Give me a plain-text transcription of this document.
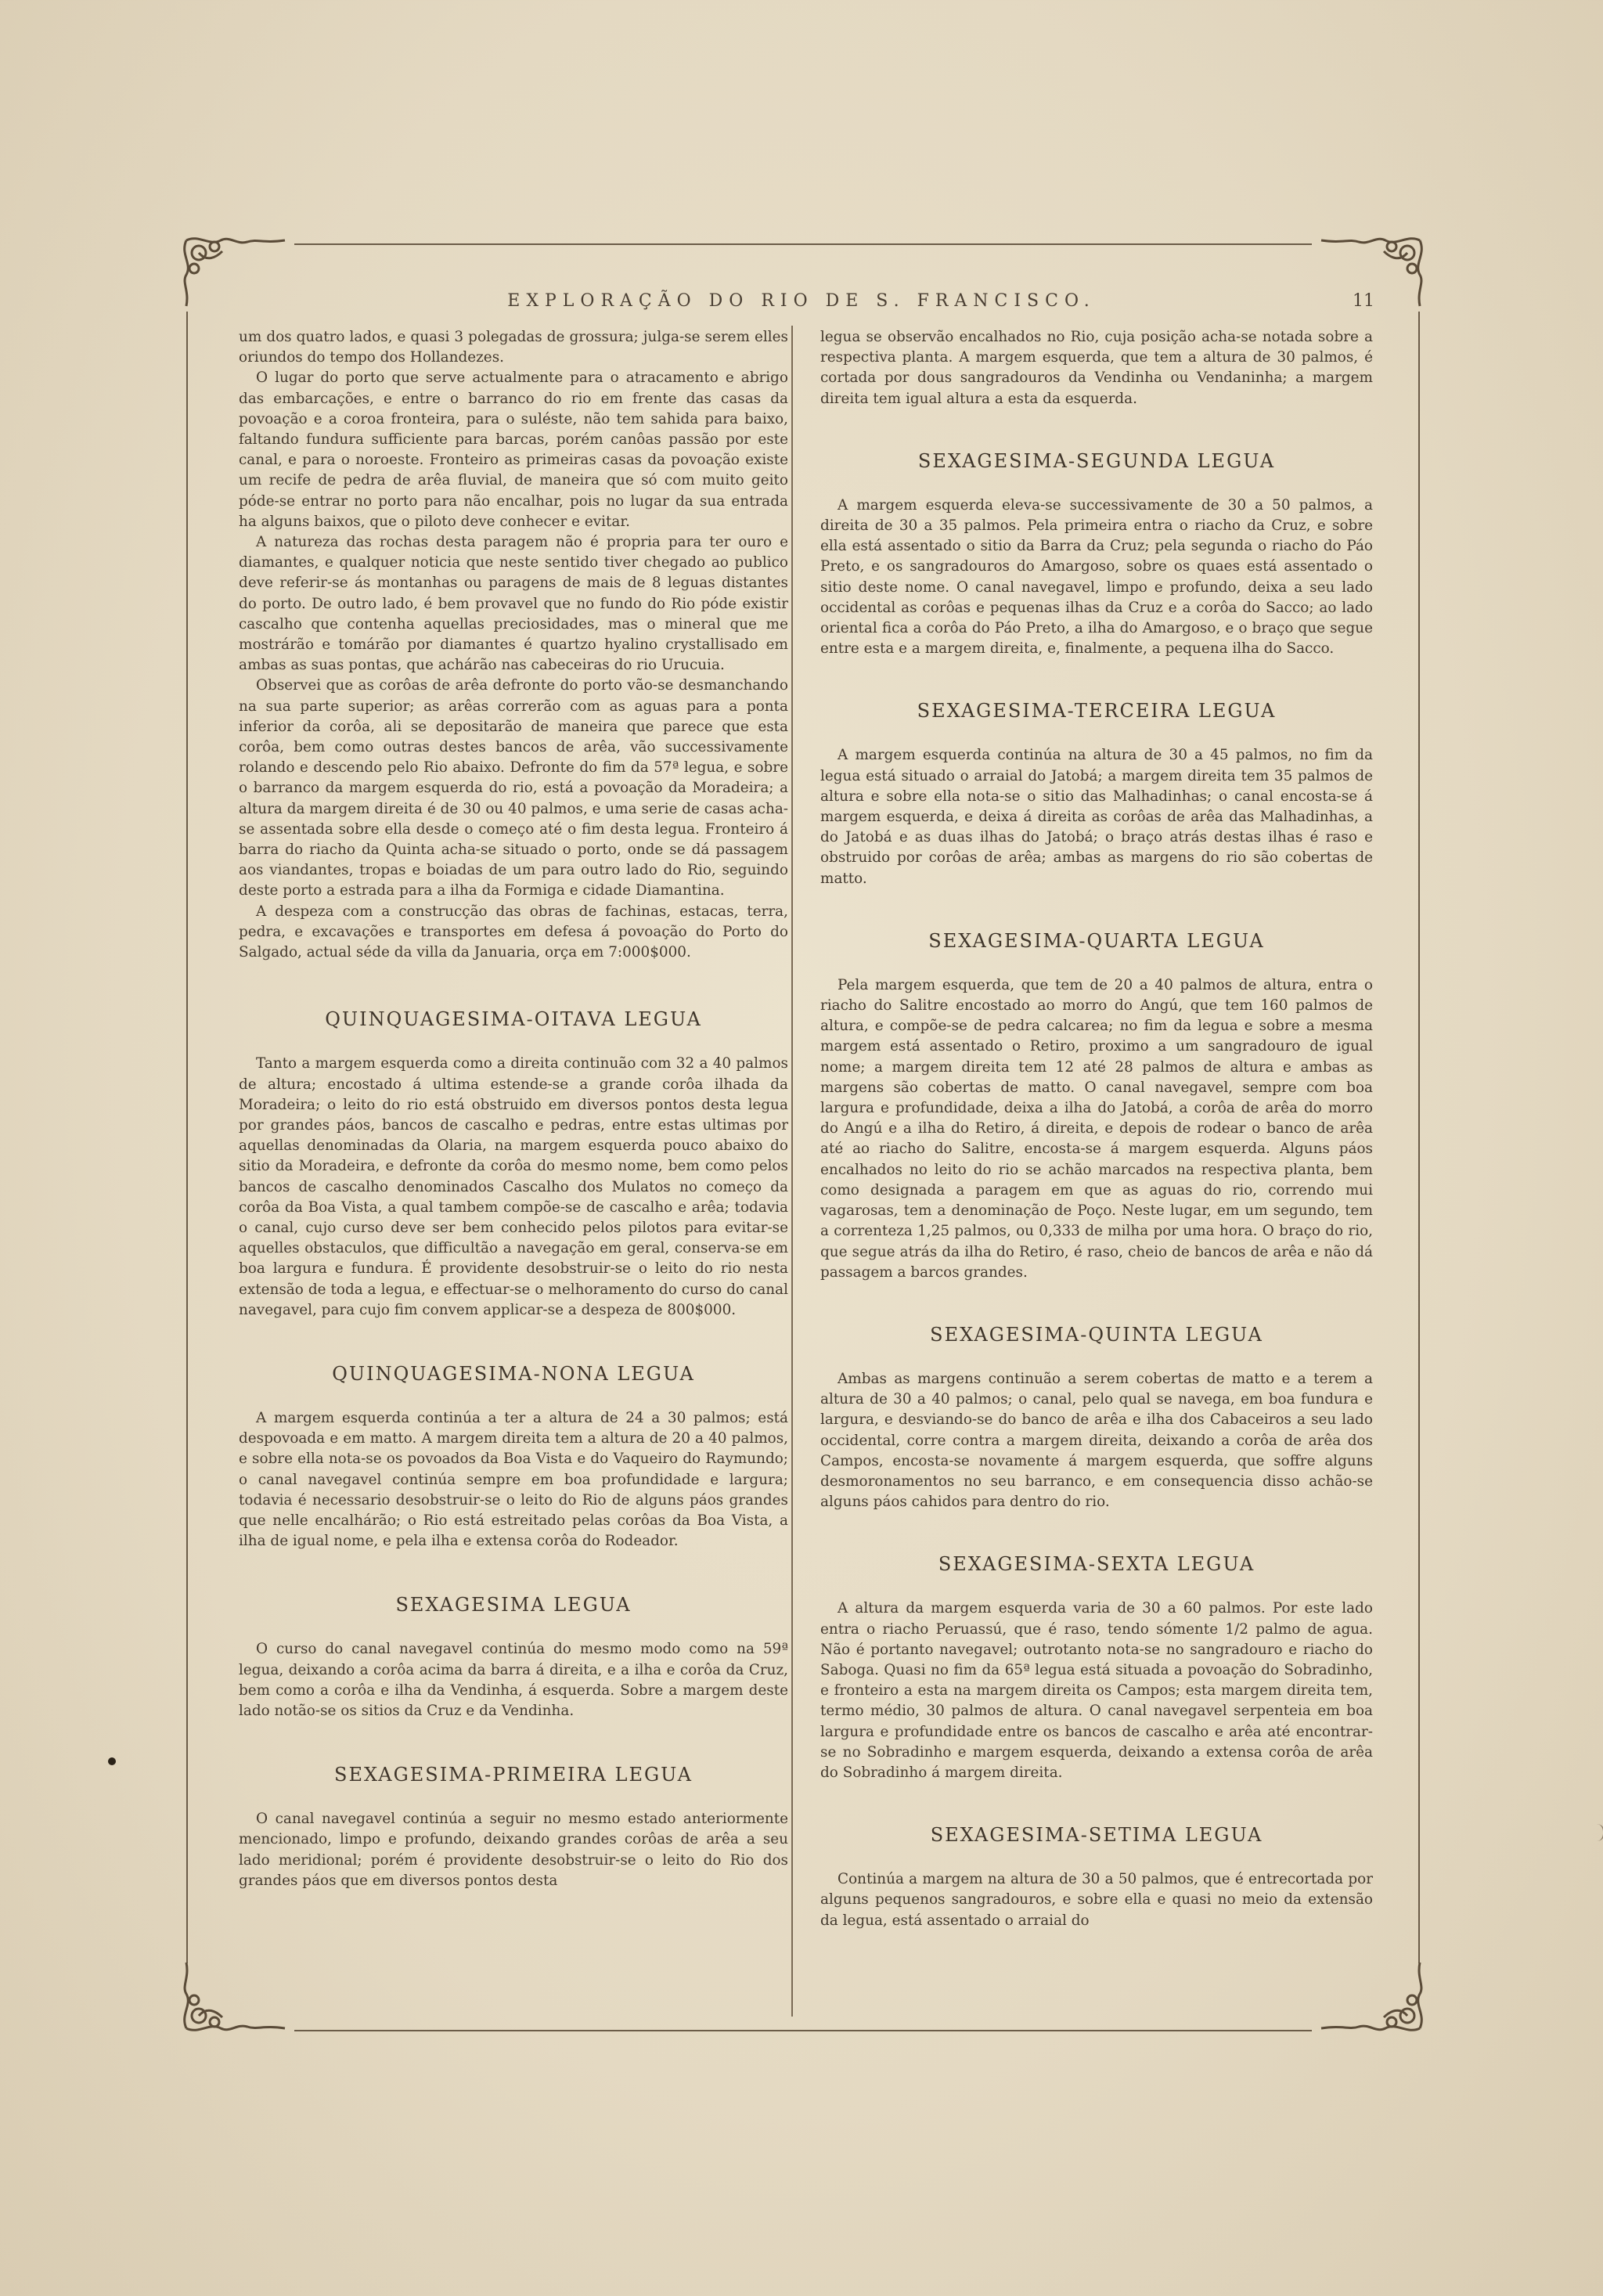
EXPLORAÇÃO DO RIO DE S. FRANCISCO.	11

um dos quatro lados, e quasi 3 polegadas de grossura; julga-se serem elles oriundos do tempo dos Hollandezes.

O lugar do porto que serve actualmente para o atracamento e abrigo das embarcações, e entre o barranco do rio em frente das casas da povoação e a coroa fronteira, para o suléste, não tem sahida para baixo, faltando fundura sufficiente para barcas, porém canôas passão por este canal, e para o noroeste. Fronteiro as primeiras casas da povoação existe um recife de pedra de arêa fluvial, de maneira que só com muito geito póde-se entrar no porto para não encalhar, pois no lugar da sua entrada ha alguns baixos, que o piloto deve conhecer e evitar.

A natureza das rochas desta paragem não é propria para ter ouro e diamantes, e qualquer noticia que neste sentido tiver chegado ao publico deve referir-se ás montanhas ou paragens de mais de 8 leguas distantes do porto. De outro lado, é bem provavel que no fundo do Rio póde existir cascalho que contenha aquellas preciosidades, mas o mineral que me mostrárão e tomárão por diamantes é quartzo hyalino crystallisado em ambas as suas pontas, que achárão nas cabeceiras do rio Urucuia.

Observei que as corôas de arêa defronte do porto vão-se desmanchando na sua parte superior; as arêas correrão com as aguas para a ponta inferior da corôa, ali se depositarão de maneira que parece que esta corôa, bem como outras destes bancos de arêa, vão successivamente rolando e descendo pelo Rio abaixo. Defronte do fim da 57ª legua, e sobre o barranco da margem esquerda do rio, está a povoação da Moradeira; a altura da margem direita é de 30 ou 40 palmos, e uma serie de casas acha-se assentada sobre ella desde o começo até o fim desta legua. Fronteiro á barra do riacho da Quinta acha-se situado o porto, onde se dá passagem aos viandantes, tropas e boiadas de um para outro lado do Rio, seguindo deste porto a estrada para a ilha da Formiga e cidade Diamantina.

A despeza com a construcção das obras de fachinas, estacas, terra, pedra, e excavações e transportes em defesa á povoação do Porto do Salgado, actual séde da villa da Januaria, orça em 7:000$000.

QUINQUAGESIMA-OITAVA LEGUA

Tanto a margem esquerda como a direita continuão com 32 a 40 palmos de altura; encostado á ultima estende-se a grande corôa ilhada da Moradeira; o leito do rio está obstruido em diversos pontos desta legua por grandes páos, bancos de cascalho e pedras, entre estas ultimas por aquellas denominadas da Olaria, na margem esquerda pouco abaixo do sitio da Moradeira, e defronte da corôa do mesmo nome, bem como pelos bancos de cascalho denominados Cascalho dos Mulatos no começo da corôa da Boa Vista, a qual tambem compõe-se de cascalho e arêa; todavia o canal, cujo curso deve ser bem conhecido pelos pilotos para evitar-se aquelles obstaculos, que difficultão a navegação em geral, conserva-se em boa largura e fundura. É providente desobstruir-se o leito do rio nesta extensão de toda a legua, e effectuar-se o melhoramento do curso do canal navegavel, para cujo fim convem applicar-se a despeza de 800$000.

QUINQUAGESIMA-NONA LEGUA

A margem esquerda continúa a ter a altura de 24 a 30 palmos; está despovoada e em matto. A margem direita tem a altura de 20 a 40 palmos, e sobre ella nota-se os povoados da Boa Vista e do Vaqueiro do Raymundo; o canal navegavel continúa sempre em boa profundidade e largura; todavia é necessario desobstruir-se o leito do Rio de alguns páos grandes que nelle encalhárão; o Rio está estreitado pelas corôas da Boa Vista, a ilha de igual nome, e pela ilha e extensa corôa do Rodeador.

SEXAGESIMA LEGUA

O curso do canal navegavel continúa do mesmo modo como na 59ª legua, deixando a corôa acima da barra á direita, e a ilha e corôa da Cruz, bem como a corôa e ilha da Vendinha, á esquerda. Sobre a margem deste lado notão-se os sitios da Cruz e da Vendinha.

SEXAGESIMA-PRIMEIRA LEGUA

O canal navegavel continúa a seguir no mesmo estado anteriormente mencionado, limpo e profundo, deixando grandes corôas de arêa a seu lado meridional; porém é providente desobstruir-se o leito do Rio dos grandes páos que em diversos pontos desta

legua se observão encalhados no Rio, cuja posição acha-se notada sobre a respectiva planta. A margem esquerda, que tem a altura de 30 palmos, é cortada por dous sangradouros da Vendinha ou Vendaninha; a margem direita tem igual altura a esta da esquerda.

SEXAGESIMA-SEGUNDA LEGUA

A margem esquerda eleva-se successivamente de 30 a 50 palmos, a direita de 30 a 35 palmos. Pela primeira entra o riacho da Cruz, e sobre ella está assentado o sitio da Barra da Cruz; pela segunda o riacho do Páo Preto, e os sangradouros do Amargoso, sobre os quaes está assentado o sitio deste nome. O canal navegavel, limpo e profundo, deixa a seu lado occidental as corôas e pequenas ilhas da Cruz e a corôa do Sacco; ao lado oriental fica a corôa do Páo Preto, a ilha do Amargoso, e o braço que segue entre esta e a margem direita, e, finalmente, a pequena ilha do Sacco.

SEXAGESIMA-TERCEIRA LEGUA

A margem esquerda continúa na altura de 30 a 45 palmos, no fim da legua está situado o arraial do Jatobá; a margem direita tem 35 palmos de altura e sobre ella nota-se o sitio das Malhadinhas; o canal encosta-se á margem esquerda, e deixa á direita as corôas de arêa das Malhadinhas, a do Jatobá e as duas ilhas do Jatobá; o braço atrás destas ilhas é raso e obstruido por corôas de arêa; ambas as margens do rio são cobertas de matto.

SEXAGESIMA-QUARTA LEGUA

Pela margem esquerda, que tem de 20 a 40 palmos de altura, entra o riacho do Salitre encostado ao morro do Angú, que tem 160 palmos de altura, e compõe-se de pedra calcarea; no fim da legua e sobre a mesma margem está assentado o Retiro, proximo a um sangradouro de igual nome; a margem direita tem 12 até 28 palmos de altura e ambas as margens são cobertas de matto. O canal navegavel, sempre com boa largura e profundidade, deixa a ilha do Jatobá, a corôa de arêa do morro do Angú e a ilha do Retiro, á direita, e depois de rodear o banco de arêa até ao riacho do Salitre, encosta-se á margem esquerda. Alguns páos encalhados no leito do rio se achão marcados na respectiva planta, bem como designada a paragem em que as aguas do rio, correndo mui vagarosas, tem a denominação de Poço. Neste lugar, em um segundo, tem a correnteza 1,25 palmos, ou 0,333 de milha por uma hora. O braço do rio, que segue atrás da ilha do Retiro, é raso, cheio de bancos de arêa e não dá passagem a barcos grandes.

SEXAGESIMA-QUINTA LEGUA

Ambas as margens continuão a serem cobertas de matto e a terem a altura de 30 a 40 palmos; o canal, pelo qual se navega, em boa fundura e largura, e desviando-se do banco de arêa e ilha dos Cabaceiros a seu lado occidental, corre contra a margem direita, deixando a corôa de arêa dos Campos, encosta-se novamente á margem esquerda, que soffre alguns desmoronamentos no seu barranco, e em consequencia disso achão-se alguns páos cahidos para dentro do rio.

SEXAGESIMA-SEXTA LEGUA

A altura da margem esquerda varia de 30 a 60 palmos. Por este lado entra o riacho Peruassú, que é raso, tendo sómente 1/2 palmo de agua. Não é portanto navegavel; outrotanto nota-se no sangradouro e riacho do Saboga. Quasi no fim da 65ª legua está situada a povoação do Sobradinho, e fronteiro a esta na margem direita os Campos; esta margem direita tem, termo médio, 30 palmos de altura. O canal navegavel serpenteia em boa largura e profundidade entre os bancos de cascalho e arêa até encontrar-se no Sobradinho e margem esquerda, deixando a extensa corôa de arêa do Sobradinho á margem direita.

SEXAGESIMA-SETIMA LEGUA

Continúa a margem na altura de 30 a 50 palmos, que é entrecortada por alguns pequenos sangradouros, e sobre ella e quasi no meio da extensão da legua, está assentado o arraial do
